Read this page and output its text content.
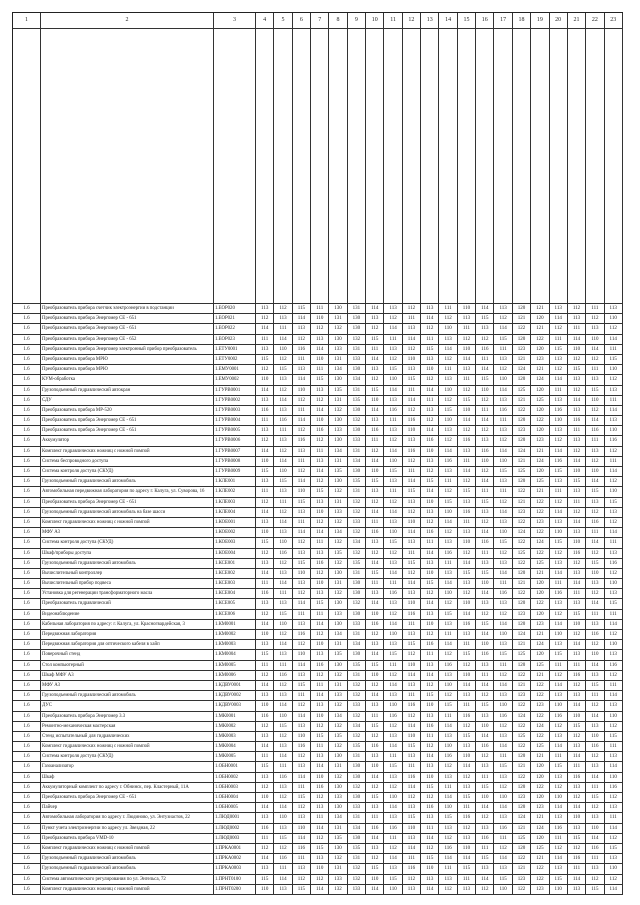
1	2	3	4	5	6	7	8	9	10	11	12	13	14	15	16	17	18	19	20	21	22	23
1.6	Преобразователь прибора счетчик электроэнергии в подстанции	1.ЕОР020	113	112	115	111	130	131	114	113	112	113	111	110	114	113	120	121	113	112	111	113
1.6	Преобразователь прибора Энергомер СЕ - 651	1.ЕОР021	112	113	114	110	131	130	113	112	111	114	112	113	115	112	121	120	114	113	112	110
1.6	Преобразователь прибора Энергомер СЕ - 651	1.ЕОР022	114	111	113	112	132	130	112	114	113	112	110	111	113	114	122	121	112	111	113	112
1.6	Преобразователь прибора Энергомер СЕ - 652	1.ЕОР023	111	114	112	113	130	132	115	111	114	111	113	112	112	115	120	122	111	114	110	114
1.6	Преобразователь прибора Энергомер электронный прибор преобразователь	1.ЕТУ0001	113	110	116	114	133	131	111	113	112	115	114	110	116	111	123	120	115	110	114	111
1.6	Преобразователь прибора МРЮ	1.ЕТУ0002	115	112	111	110	131	133	114	112	110	113	112	114	111	113	121	123	113	112	112	115
1.6	Преобразователь прибора МРЮ	1.ЕМУ0001	112	115	113	111	134	130	113	115	113	110	111	113	114	112	124	121	112	115	111	110
1.6	КУМ-обработка	1.ЕМУ0002	110	113	114	115	130	134	112	110	115	112	113	111	115	110	120	124	114	113	113	112
1.6	Грузоподъемный гидравлический автокран	1.ГУРВ0001	114	112	110	113	135	131	115	114	111	114	110	112	110	114	125	120	111	112	115	113
1.6	СДУ	1.ГУРВ0002	113	114	112	112	131	135	110	113	114	111	112	115	112	113	121	125	113	114	110	111
1.6	Преобразователь прибора МР-520	1.ГУРВ0003	116	113	111	114	132	130	114	116	112	113	115	110	111	116	122	120	116	113	112	114
1.6	Преобразователь прибора Энергомер СЕ - 651	1.ГУРВ0004	111	116	114	110	130	132	113	111	116	112	110	114	114	111	120	122	110	116	114	113
1.6	Преобразователь прибора Энергомер СЕ - 651	1.ГУРВ0005	113	111	112	116	133	130	116	113	110	114	113	112	112	113	123	120	113	111	116	110
1.6	Аккумулятор	1.ГУРВ0006	112	113	116	112	130	133	111	112	113	116	112	116	113	112	120	123	112	113	111	116
1.6	Комплект гидравлических ножниц с ножной помпой	1.ГУРВ0007	114	112	113	111	134	131	112	114	116	110	114	113	116	114	124	121	114	112	113	112
1.6	Система беспроводного доступа	1.ГУРВ0008	110	114	111	113	131	134	114	110	112	113	116	111	110	110	121	124	116	114	112	111
1.6	Система контроля доступа (СКУД)	1.ГУРВ0009	115	110	112	114	135	130	110	115	111	112	113	114	112	115	125	120	115	110	110	114
1.6	Грузоподъемный гидравлический автомобиль	1.КЛЕ001	113	115	114	112	130	135	115	113	114	115	111	112	114	113	120	125	113	115	114	112
1.6	Автомобильная передвижная лаборатория по адресу г. Калуга, ул. Суворова, 16	1.КЛЕ002	111	113	110	115	132	131	113	111	115	114	112	115	111	111	122	121	111	113	115	110
1.6	Преобразователь прибора Энергомер СЕ - 651	1.КЛЕ003	112	111	115	113	131	132	112	112	113	110	115	113	115	112	121	122	112	111	113	115
1.6	Грузоподъемный гидравлический автомобиль на базе шасси	1.КЛЕ004	114	112	113	110	133	132	114	114	112	113	110	116	113	114	123	122	114	112	112	113
1.6	Комплект гидравлических ножниц с ножной помпой	1.КОЕ001	113	114	111	112	132	133	111	113	110	112	114	111	112	113	122	123	113	114	116	112
1.6	МФУ А3	1.КОЕ002	110	113	114	114	134	132	116	110	114	116	112	113	114	110	124	122	110	113	111	114
1.6	Система контроля доступа (СКУД)	1.КОЕ003	115	110	112	111	132	134	113	115	113	111	113	110	116	115	122	124	115	110	114	111
1.6	Шкаф/приборы доступа	1.КОЕ004	112	116	113	113	135	132	112	112	111	114	116	112	111	112	125	122	112	116	112	113
1.6	Грузоподъемный гидравлический автомобиль	1.КСЕ001	113	112	115	116	132	135	114	113	115	113	111	114	113	113	122	125	113	112	115	116
1.6	Вычислительный контроллер	1.КСЕ002	114	113	110	112	130	131	115	114	112	110	113	115	115	114	120	121	114	113	110	112
1.6	Вычислительный прибор подвеса	1.КСЕ003	111	114	113	110	131	130	111	111	114	115	114	113	110	111	121	120	111	114	113	110
1.6	Установка для регенерации трансформаторного масла	1.КСЕ004	116	111	112	113	132	130	113	116	113	112	110	112	114	116	122	120	116	111	112	113
1.6	Преобразователь гидравлический	1.КСЕ005	113	113	114	115	130	132	114	113	110	114	112	110	113	113	120	122	113	113	114	115
1.6	Видеонаблюдение	1.КСЕ006	112	115	111	111	133	130	110	112	116	113	115	114	112	112	123	120	112	115	111	111
1.6	Кабельная лаборатория по адресу: г. Калуга, ул. Красногвардейская, 3	1.КМ0001	114	110	113	114	130	133	116	114	111	110	113	116	115	114	120	123	114	110	113	114
1.6	Передвижная лаборатория	1.КМ0002	110	112	116	112	134	131	112	110	113	112	111	113	114	110	124	121	110	112	116	112
1.6	Передвижная лаборатория для оптического кабеля в хайп	1.КМ0003	113	114	112	110	131	134	113	113	115	116	114	111	110	113	121	124	113	114	112	110
1.6	Поверочный стенд	1.КМ0004	115	113	110	113	135	130	114	115	112	111	112	115	116	115	125	120	115	113	110	113
1.6	Стол компьютерный	1.КМ0005	111	111	114	116	130	135	115	111	110	113	116	112	113	111	120	125	111	111	114	116
1.6	Шкаф МФУ А3	1.КМ0006	112	116	113	112	132	131	110	112	114	114	113	110	111	112	122	121	112	116	113	112
1.6	МФУ А3	1.КДВУ0001	114	112	115	111	131	132	112	114	113	112	110	114	114	114	121	122	114	112	115	111
1.6	Грузоподъемный гидравлический автомобиль	1.КДВУ0002	113	113	111	114	133	132	114	113	111	115	112	113	112	113	123	122	113	113	111	114
1.6	ДУС	1.КДВУ0003	110	114	112	113	132	133	113	110	116	110	115	111	115	110	122	123	110	114	112	113
1.6	Преобразователь прибора Энергомер 3.3	1.МК0001	116	110	114	110	134	132	111	116	112	113	111	116	113	116	124	122	116	110	114	110
1.6	Ремонтно-механическая мастерская	1.МК0002	112	115	113	112	132	134	115	112	114	116	114	112	110	112	122	124	112	115	113	112
1.6	Стенд испытательный для гидравлических	1.МК0003	113	112	110	115	135	132	112	113	110	111	113	115	114	113	125	122	113	112	110	115
1.6	Комплект гидравлических ножниц с ножной помпой	1.МК0004	114	113	116	111	132	135	116	114	115	112	110	113	116	114	122	125	114	113	116	111
1.6	Система контроля доступа (СКУД)	1.МК0005	111	114	112	113	130	131	113	111	113	114	116	110	112	111	120	121	111	114	112	113
1.6	Газоанализатор	1.ОБН0001	115	111	113	114	131	130	110	115	111	113	112	114	113	115	121	120	115	111	113	114
1.6	Шкаф	1.ОБН0002	113	116	114	110	132	130	114	113	116	110	113	112	111	113	122	120	113	116	114	110
1.6	Аккумуляторный комплект по адресу г. Обнинск, пер. Кластерный, 11А	1.ОБН0003	112	113	111	116	130	132	112	112	114	115	111	113	115	112	120	122	112	113	111	116
1.6	Преобразователь прибора Энергомер СЕ - 651	1.ОБН0004	110	112	115	112	133	130	115	110	112	112	114	115	110	110	123	120	110	112	115	112
1.6	Пайчер	1.ОБН0005	114	114	112	113	130	133	113	114	113	116	110	111	114	114	120	123	114	114	112	113
1.6	Автомобильная лаборатория по адресу г. Людиново, ул. Энтузиастов, 22	1.ЛЮД0001	113	110	113	111	134	131	111	113	115	113	115	116	112	113	124	121	113	110	113	111
1.6	Пункт учета электроэнергии по адресу ул. Звездная, 22	1.ЛЮД0002	116	113	110	114	131	134	116	116	110	111	113	112	113	116	121	124	116	113	110	114
1.6	Преобразователь прибора VMD-10	1.ЛЮД0003	111	115	114	112	135	130	114	111	113	114	112	113	116	111	125	120	111	115	114	112
1.6	Комплект гидравлических ножниц с ножной помпой	1.ПРКА0001	112	112	116	115	130	135	113	112	114	112	116	110	111	112	120	125	112	112	116	115
1.6	Грузоподъемный гидравлический автомобиль	1.ПРКА0002	114	116	111	113	132	131	112	114	111	115	114	114	115	114	122	121	114	116	111	113
1.6	Грузоподъемный гидравлический автомобиль	1.ПРКА0003	113	111	113	110	131	132	115	113	116	110	111	115	113	113	121	122	113	111	113	110
1.6	Система автоматического регулирования по ул. Энгельса, 72	1.ПРНТ0100	115	114	112	112	133	132	110	115	112	113	113	111	114	115	123	122	115	114	112	112
1.6	Комплект гидравлических ножниц с ножной помпой	1.ПРНТ0200	110	113	115	114	132	133	114	110	113	114	112	113	112	110	122	123	110	113	115	114
